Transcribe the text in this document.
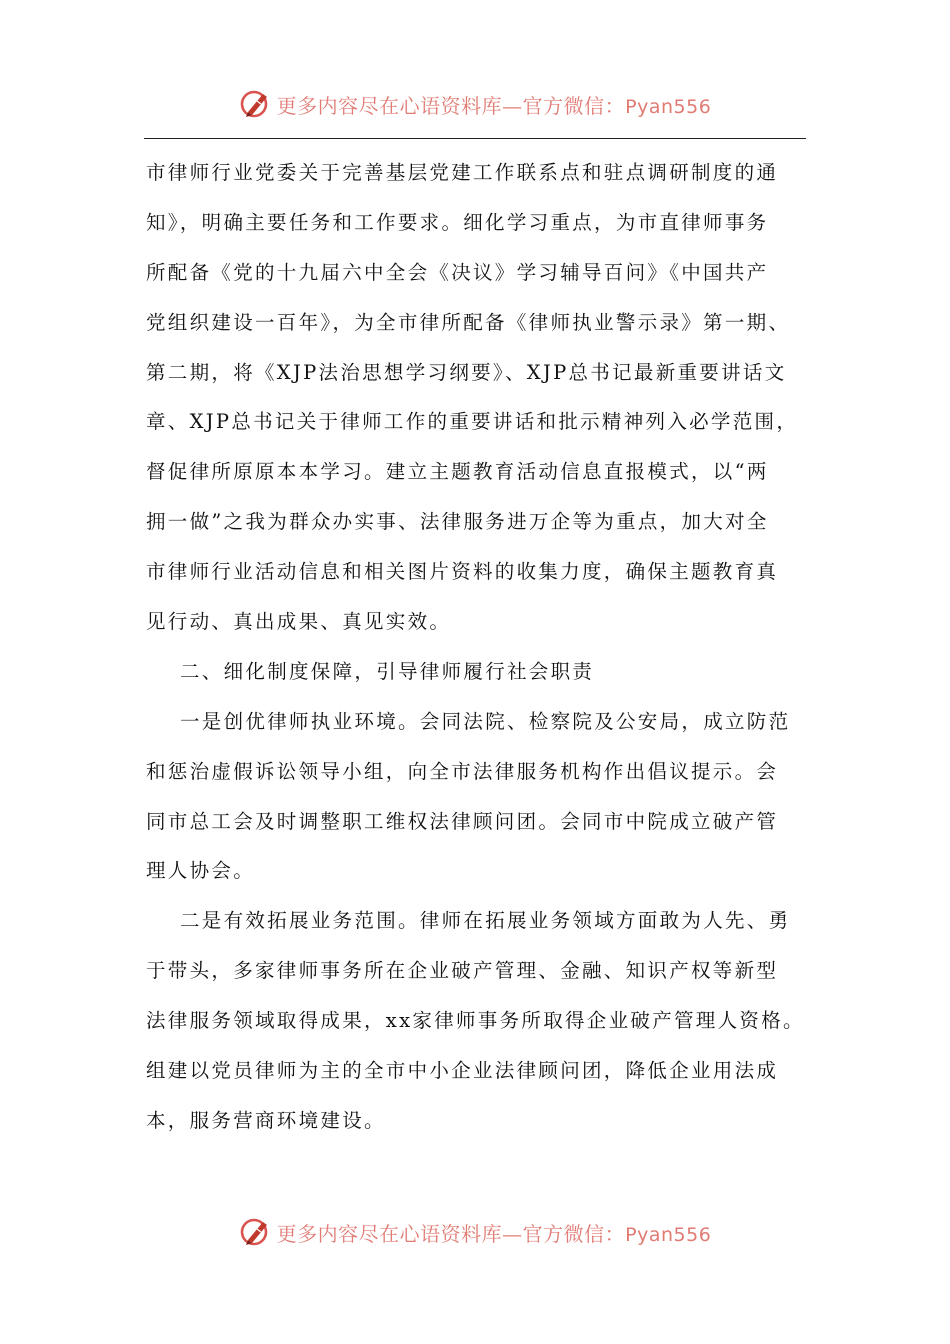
更多内容尽在心语资料库—官方微信：Pyan556
市律师行业党委关于完善基层党建工作联系点和驻点调研制度的通
知》，明确主要任务和工作要求。细化学习重点，为市直律师事务
所配备《党的十九届六中全会《决议》学习辅导百问》《中国共产
党组织建设一百年》，为全市律所配备《律师执业警示录》第一期、
第二期，将《XJP法治思想学习纲要》、XJP总书记最新重要讲话文
章、XJP总书记关于律师工作的重要讲话和批示精神列入必学范围，
督促律所原原本本学习。建立主题教育活动信息直报模式，以“两
拥一做”之我为群众办实事、法律服务进万企等为重点，加大对全
市律师行业活动信息和相关图片资料的收集力度，确保主题教育真
见行动、真出成果、真见实效。
二、细化制度保障，引导律师履行社会职责
一是创优律师执业环境。会同法院、检察院及公安局，成立防范
和惩治虚假诉讼领导小组，向全市法律服务机构作出倡议提示。会
同市总工会及时调整职工维权法律顾问团。会同市中院成立破产管
理人协会。
二是有效拓展业务范围。律师在拓展业务领域方面敢为人先、勇
于带头，多家律师事务所在企业破产管理、金融、知识产权等新型
法律服务领域取得成果，xx家律师事务所取得企业破产管理人资格。
组建以党员律师为主的全市中小企业法律顾问团，降低企业用法成
本，服务营商环境建设。
更多内容尽在心语资料库—官方微信：Pyan556
